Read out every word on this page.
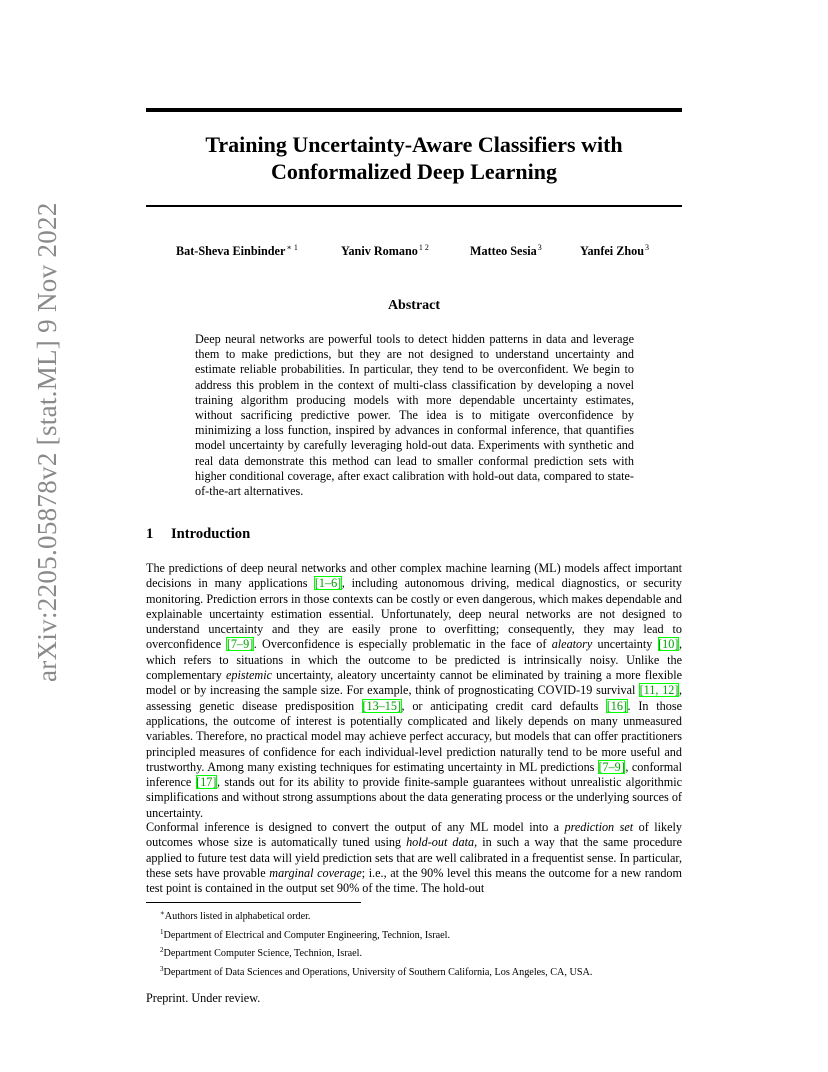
arXiv:2205.05878v2 [stat.ML] 9 Nov 2022
Training Uncertainty-Aware Classifiers with
Conformalized Deep Learning
Bat-Sheva Einbinder$^{∗ 1}$	Yaniv Romano$^{1 2}$	Matteo Sesia$^3$	Yanfei Zhou$^3$
Abstract

Deep neural networks are powerful tools to detect hidden patterns in data and leverage them to make predictions, but they are not designed to understand uncertainty and estimate reliable probabilities. In particular, they tend to be overconfident. We begin to address this problem in the context of multi-class classification by developing a novel training algorithm producing models with more dependable uncertainty estimates, without sacrificing predictive power. The idea is to mitigate overconfidence by minimizing a loss function, inspired by advances in conformal inference, that quantifies model uncertainty by carefully leveraging hold-out data. Experiments with synthetic and real data demonstrate this method can lead to smaller conformal prediction sets with higher conditional coverage, after exact calibration with hold-out data, compared to state-of-the-art alternatives.

1 Introduction

The predictions of deep neural networks and other complex machine learning (ML) models affect important decisions in many applications [1–6], including autonomous driving, medical diagnostics, or security monitoring. Prediction errors in those contexts can be costly or even dangerous, which makes dependable and explainable uncertainty estimation essential. Unfortunately, deep neural networks are not designed to understand uncertainty and they are easily prone to overfitting; consequently, they may lead to overconfidence [7–9]. Overconfidence is especially problematic in the face of aleatory uncertainty [10], which refers to situations in which the outcome to be predicted is intrinsically noisy. Unlike the complementary epistemic uncertainty, aleatory uncertainty cannot be eliminated by training a more flexible model or by increasing the sample size. For example, think of prognosticating COVID-19 survival [11, 12], assessing genetic disease predisposition [13–15], or anticipating credit card defaults [16]. In those applications, the outcome of interest is potentially complicated and likely depends on many unmeasured variables. Therefore, no practical model may achieve perfect accuracy, but models that can offer practitioners principled measures of confidence for each individual-level prediction naturally tend to be more useful and trustworthy. Among many existing techniques for estimating uncertainty in ML predictions [7–9], conformal inference [17], stands out for its ability to provide finite-sample guarantees without unrealistic algorithmic simplifications and without strong assumptions about the data generating process or the underlying sources of uncertainty.

Conformal inference is designed to convert the output of any ML model into a prediction set of likely outcomes whose size is automatically tuned using hold-out data, in such a way that the same procedure applied to future test data will yield prediction sets that are well calibrated in a frequentist sense. In particular, these sets have provable marginal coverage; i.e., at the 90% level this means the outcome for a new random test point is contained in the output set 90% of the time. The hold-out

∗Authors listed in alphabetical order.
$^1$Department of Electrical and Computer Engineering, Technion, Israel.
$^2$Department Computer Science, Technion, Israel.
$^3$Department of Data Sciences and Operations, University of Southern California, Los Angeles, CA, USA.
Preprint. Under review.
